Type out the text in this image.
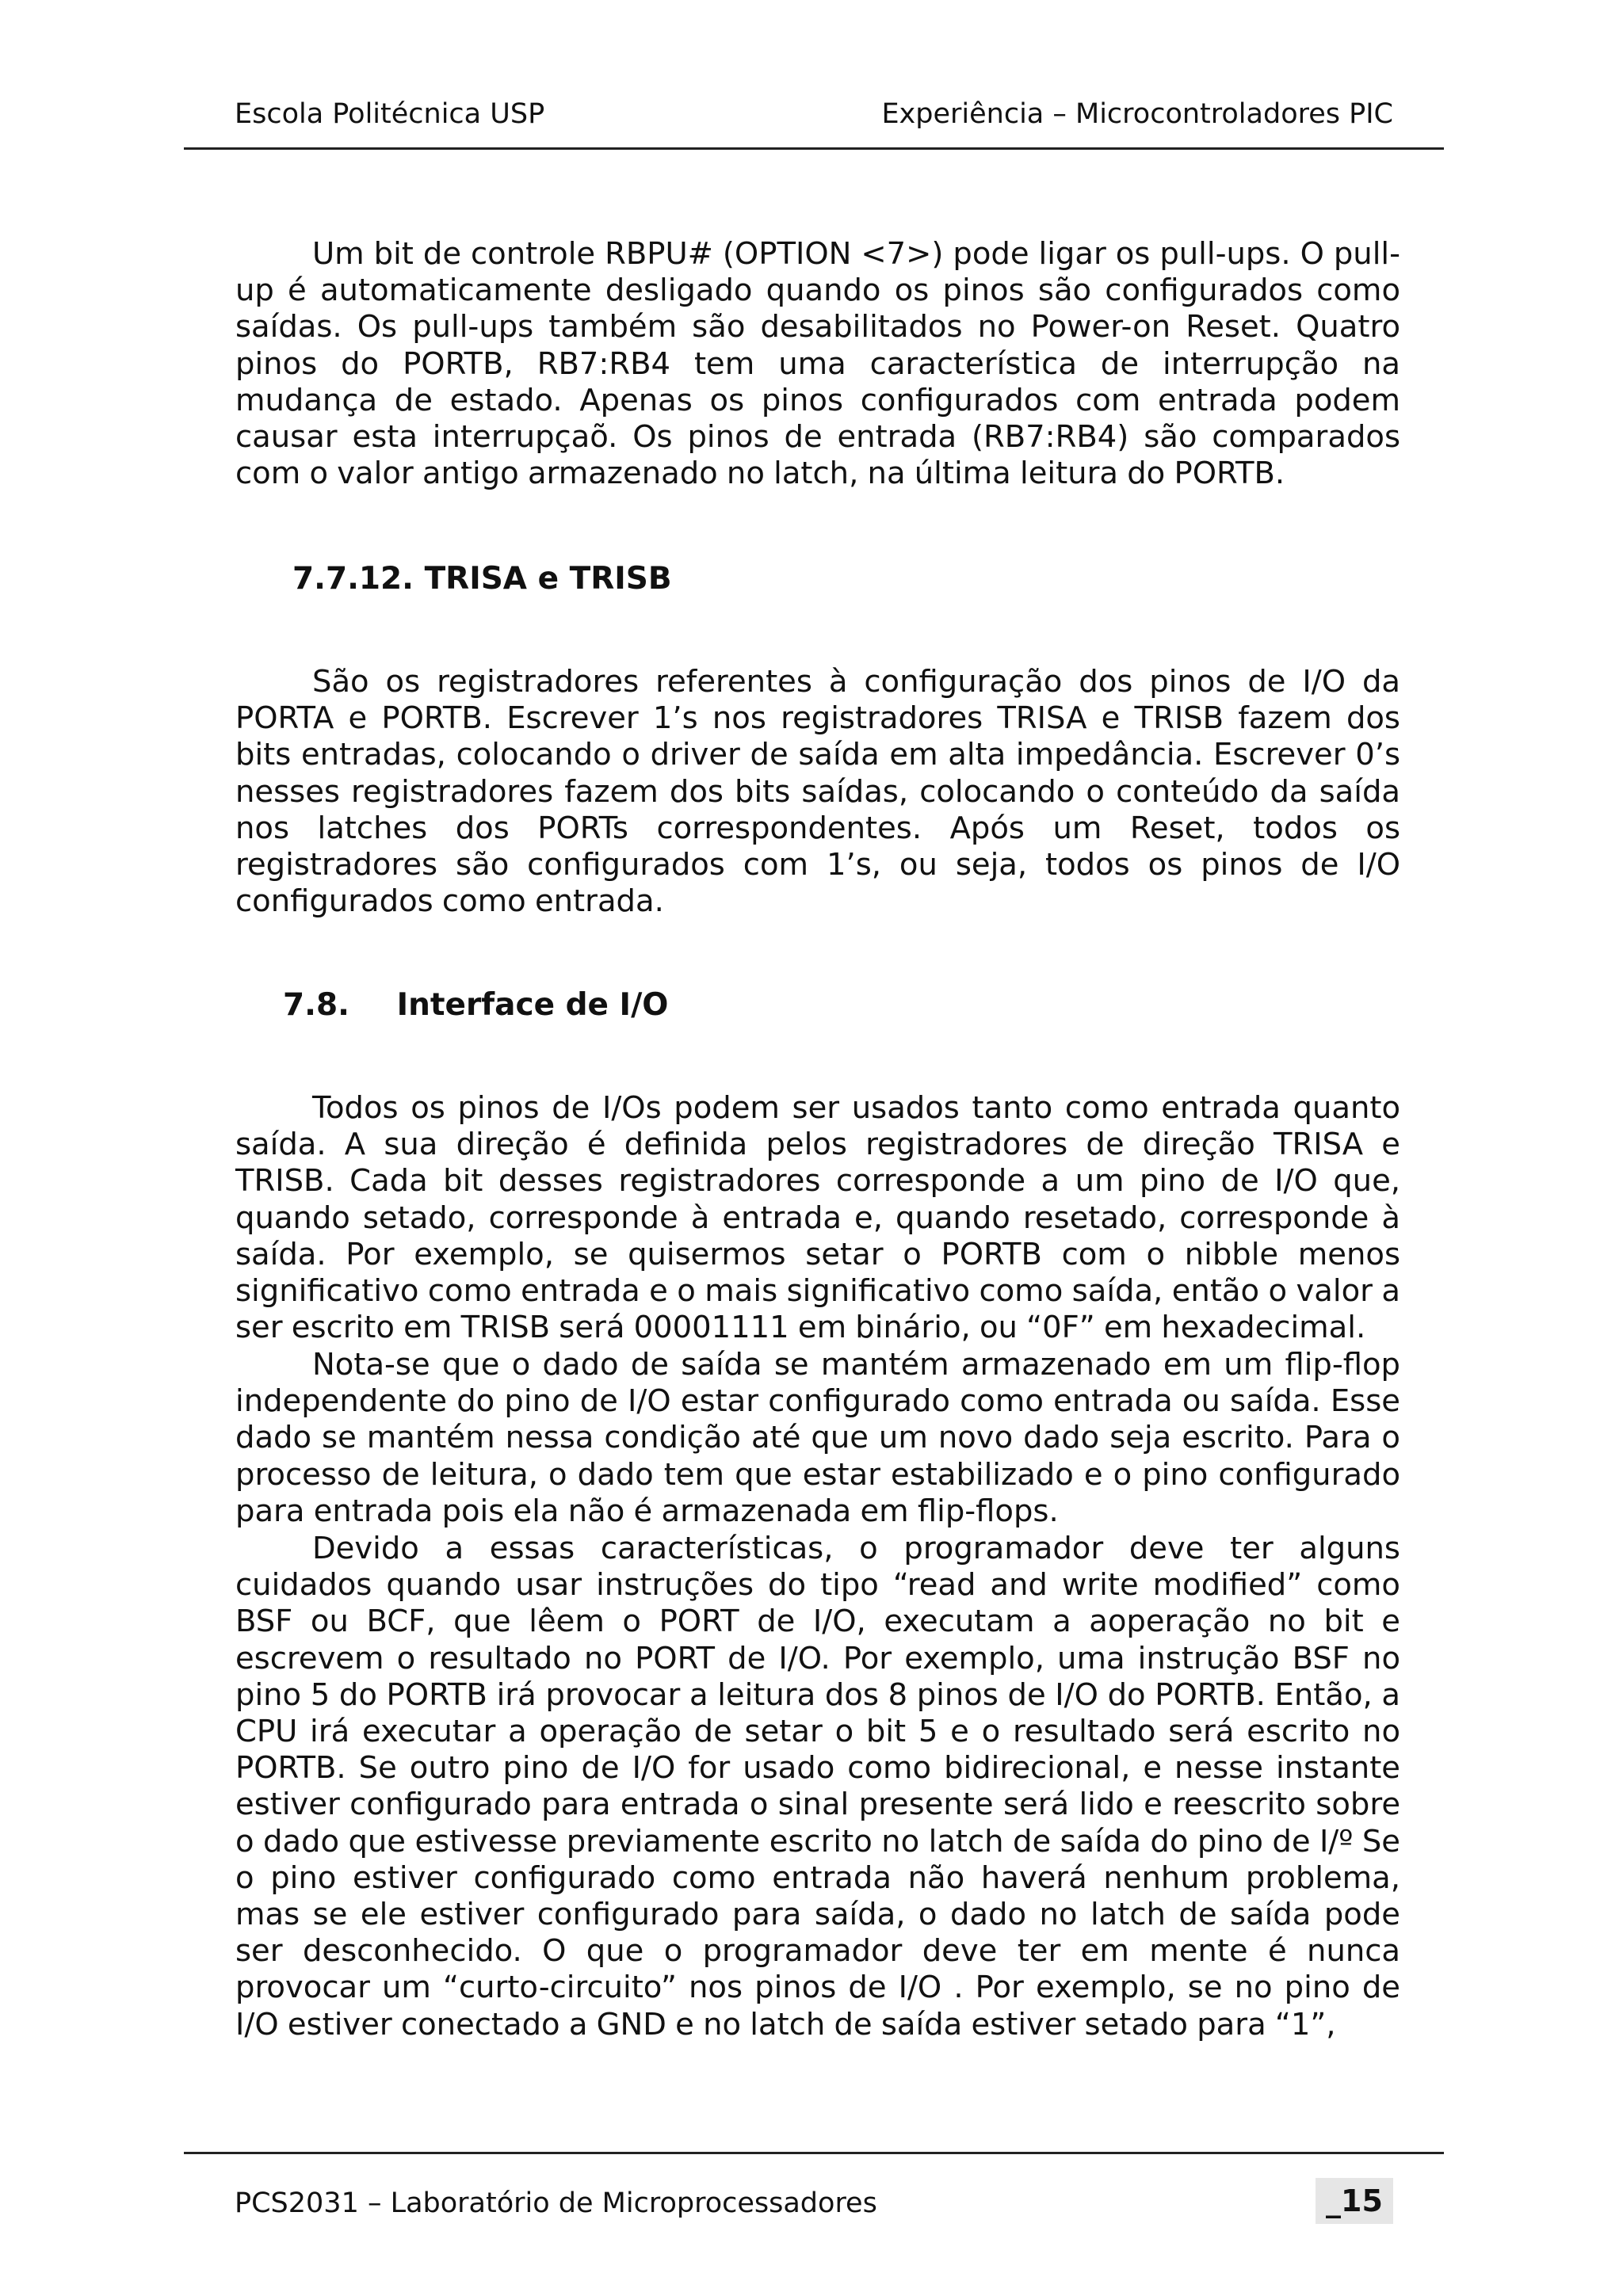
Escola Politécnica USP	Experiência – Microcontroladores PIC

Um bit de controle RBPU# (OPTION <7>) pode ligar os pull-ups. O pull-up é automaticamente desligado quando os pinos são configurados como saídas. Os pull-ups também são desabilitados no Power-on Reset. Quatro pinos do PORTB, RB7:RB4 tem uma característica de interrupção na mudança de estado. Apenas os pinos configurados com entrada podem causar esta interrupçaõ. Os pinos de entrada (RB7:RB4) são comparados com o valor antigo armazenado no latch, na última leitura do PORTB.

7.7.12. TRISA e TRISB

São os registradores referentes à configuração dos pinos de I/O da PORTA e PORTB. Escrever 1’s nos registradores TRISA e TRISB fazem dos bits entradas, colocando o driver de saída em alta impedância. Escrever 0’s nesses registradores fazem dos bits saídas, colocando o conteúdo da saída nos latches dos PORTs correspondentes. Após um Reset, todos os registradores são configurados com 1’s, ou seja, todos os pinos de I/O configurados como entrada.

7.8. Interface de I/O

Todos os pinos de I/Os podem ser usados tanto como entrada quanto saída. A sua direção é definida pelos registradores de direção TRISA e TRISB. Cada bit desses registradores corresponde a um pino de I/O que, quando setado, corresponde à entrada e, quando resetado, corresponde à saída. Por exemplo, se quisermos setar o PORTB com o nibble menos significativo como entrada e o mais significativo como saída, então o valor a ser escrito em TRISB será 00001111 em binário, ou “0F” em hexadecimal.

Nota-se que o dado de saída se mantém armazenado em um flip-flop independente do pino de I/O estar configurado como entrada ou saída. Esse dado se mantém nessa condição até que um novo dado seja escrito. Para o processo de leitura, o dado tem que estar estabilizado e o pino configurado para entrada pois ela não é armazenada em flip-flops.

Devido a essas características, o programador deve ter alguns cuidados quando usar instruções do tipo “read and write modified” como BSF ou BCF, que lêem o PORT de I/O, executam a aoperação no bit e escrevem o resultado no PORT de I/O. Por exemplo, uma instrução BSF no pino 5 do PORTB irá provocar a leitura dos 8 pinos de I/O do PORTB. Então, a CPU irá executar a operação de setar o bit 5 e o resultado será escrito no PORTB. Se outro pino de I/O for usado como bidirecional, e nesse instante estiver configurado para entrada o sinal presente será lido e reescrito sobre o dado que estivesse previamente escrito no latch de saída do pino de I/º Se o pino estiver configurado como entrada não haverá nenhum problema, mas se ele estiver configurado para saída, o dado no latch de saída pode ser desconhecido. O que o programador deve ter em mente é nunca provocar um “curto-circuito” nos pinos de I/O . Por exemplo, se no pino de I/O estiver conectado a GND e no latch de saída estiver setado para “1”,

PCS2031 – Laboratório de Microprocessadores	_15
